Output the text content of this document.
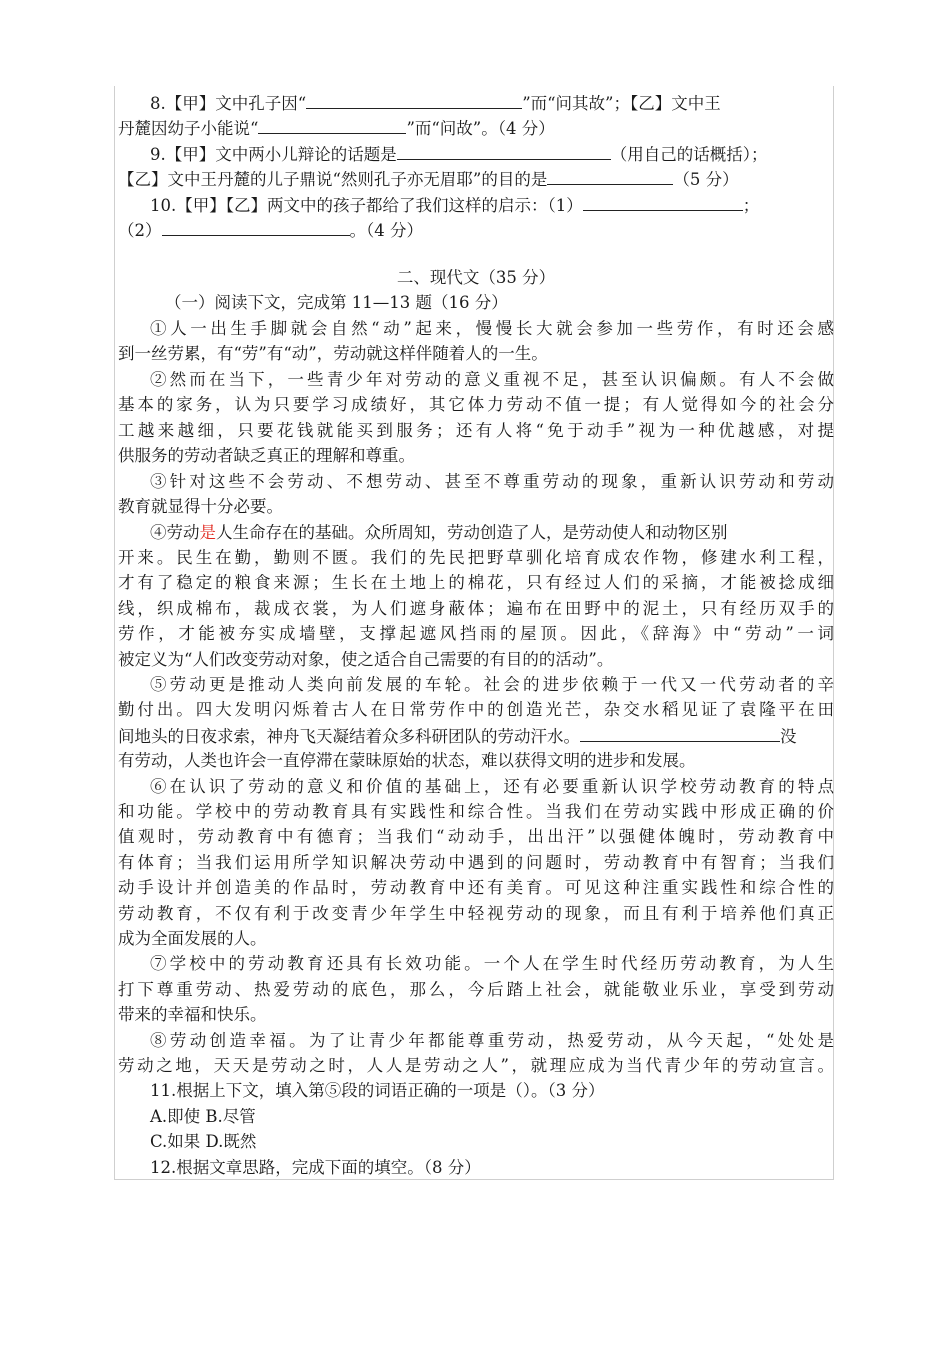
8.【甲】文中孔子因“	”而“问其故”；【乙】文中王
丹麓因幼子小能说“	”而“问故”。（4 分）
9.【甲】文中两小儿辩论的话题是	（用自己的话概括）；
【乙】文中王丹麓的儿子鼎说“然则孔子亦无眉耶”的目的是	（5 分）
10.【甲】【乙】两文中的孩子都给了我们这样的启示：（1）	；
（2）	。（4 分）
二、现代文（35 分）
（一）阅读下文，完成第 11—13 题（16 分）
①人一出生手脚就会自然“动”起来，慢慢长大就会参加一些劳作，有时还会感
到一丝劳累，有“劳”有“动”，劳动就这样伴随着人的一生。
②然而在当下，一些青少年对劳动的意义重视不足，甚至认识偏颇。有人不会做
基本的家务，认为只要学习成绩好，其它体力劳动不值一提；有人觉得如今的社会分
工越来越细，只要花钱就能买到服务；还有人将“免于动手”视为一种优越感，对提
供服务的劳动者缺乏真正的理解和尊重。
③针对这些不会劳动、不想劳动、甚至不尊重劳动的现象，重新认识劳动和劳动
教育就显得十分必要。
④劳动是人生命存在的基础。众所周知，劳动创造了人，是劳动使人和动物区别
开来。民生在勤，勤则不匮。我们的先民把野草驯化培育成农作物，修建水利工程，
才有了稳定的粮食来源；生长在土地上的棉花，只有经过人们的采摘，才能被捻成细
线，织成棉布，裁成衣裳，为人们遮身蔽体；遍布在田野中的泥土，只有经历双手的
劳作，才能被夯实成墙壁，支撑起遮风挡雨的屋顶。因此，《辞海》中“劳动”一词
被定义为“人们改变劳动对象，使之适合自己需要的有目的的活动”。
⑤劳动更是推动人类向前发展的车轮。社会的进步依赖于一代又一代劳动者的辛
勤付出。四大发明闪烁着古人在日常劳作中的创造光芒，杂交水稻见证了袁隆平在田
间地头的日夜求索，神舟飞天凝结着众多科研团队的劳动汗水。	没
有劳动，人类也许会一直停滞在蒙昧原始的状态，难以获得文明的进步和发展。
⑥在认识了劳动的意义和价值的基础上，还有必要重新认识学校劳动教育的特点
和功能。学校中的劳动教育具有实践性和综合性。当我们在劳动实践中形成正确的价
值观时，劳动教育中有德育；当我们“动动手，出出汗”以强健体魄时，劳动教育中
有体育；当我们运用所学知识解决劳动中遇到的问题时，劳动教育中有智育；当我们
动手设计并创造美的作品时，劳动教育中还有美育。可见这种注重实践性和综合性的
劳动教育，不仅有利于改变青少年学生中轻视劳动的现象，而且有利于培养他们真正
成为全面发展的人。
⑦学校中的劳动教育还具有长效功能。一个人在学生时代经历劳动教育，为人生
打下尊重劳动、热爱劳动的底色，那么，今后踏上社会，就能敬业乐业，享受到劳动
带来的幸福和快乐。
⑧劳动创造幸福。为了让青少年都能尊重劳动，热爱劳动，从今天起，“处处是
劳动之地，天天是劳动之时，人人是劳动之人”，就理应成为当代青少年的劳动宣言。
11.根据上下文，填入第⑤段的词语正确的一项是（）。（3 分）
A.即使 B.尽管
C.如果 D.既然
12.根据文章思路，完成下面的填空。（8 分）
